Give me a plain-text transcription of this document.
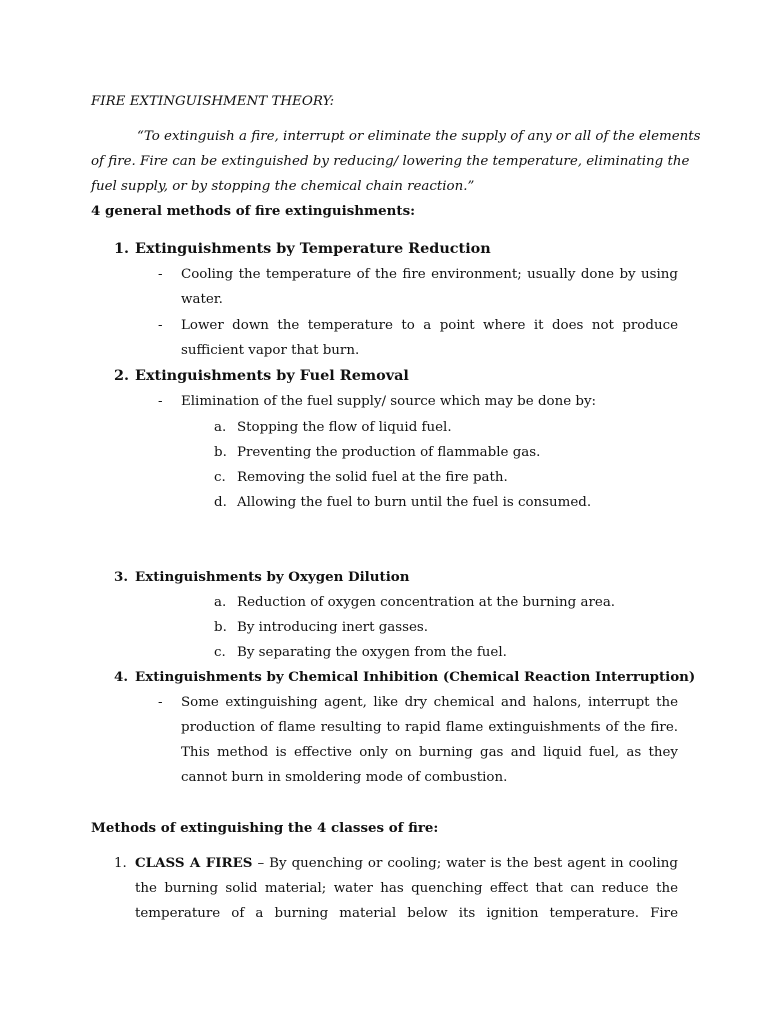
FIRE EXTINGUISHMENT THEORY:
“To extinguish a fire, interrupt or eliminate the supply of any or all of the elements
of fire. Fire can be extinguished by reducing/ lowering the temperature, eliminating the
fuel supply, or by stopping the chemical chain reaction.”
4 general methods of fire extinguishments:
1. Extinguishments by Temperature Reduction
- Cooling the temperature of the fire environment; usually done by using
water.
- Lower down the temperature to a point where it does not produce
sufficient vapor that burn.
2. Extinguishments by Fuel Removal
- Elimination of the fuel supply/ source which may be done by:
a. Stopping the flow of liquid fuel.
b. Preventing the production of flammable gas.
c. Removing the solid fuel at the fire path.
d. Allowing the fuel to burn until the fuel is consumed.
3. Extinguishments by Oxygen Dilution
a. Reduction of oxygen concentration at the burning area.
b. By introducing inert gasses.
c. By separating the oxygen from the fuel.
4. Extinguishments by Chemical Inhibition (Chemical Reaction Interruption)
- Some extinguishing agent, like dry chemical and halons, interrupt the
production of flame resulting to rapid flame extinguishments of the fire.
This method is effective only on burning gas and liquid fuel, as they
cannot burn in smoldering mode of combustion.
Methods of extinguishing the 4 classes of fire:
1. CLASS A FIRES – By quenching or cooling; water is the best agent in cooling
the burning solid material; water has quenching effect that can reduce the
temperature of a burning material below its ignition temperature. Fire
